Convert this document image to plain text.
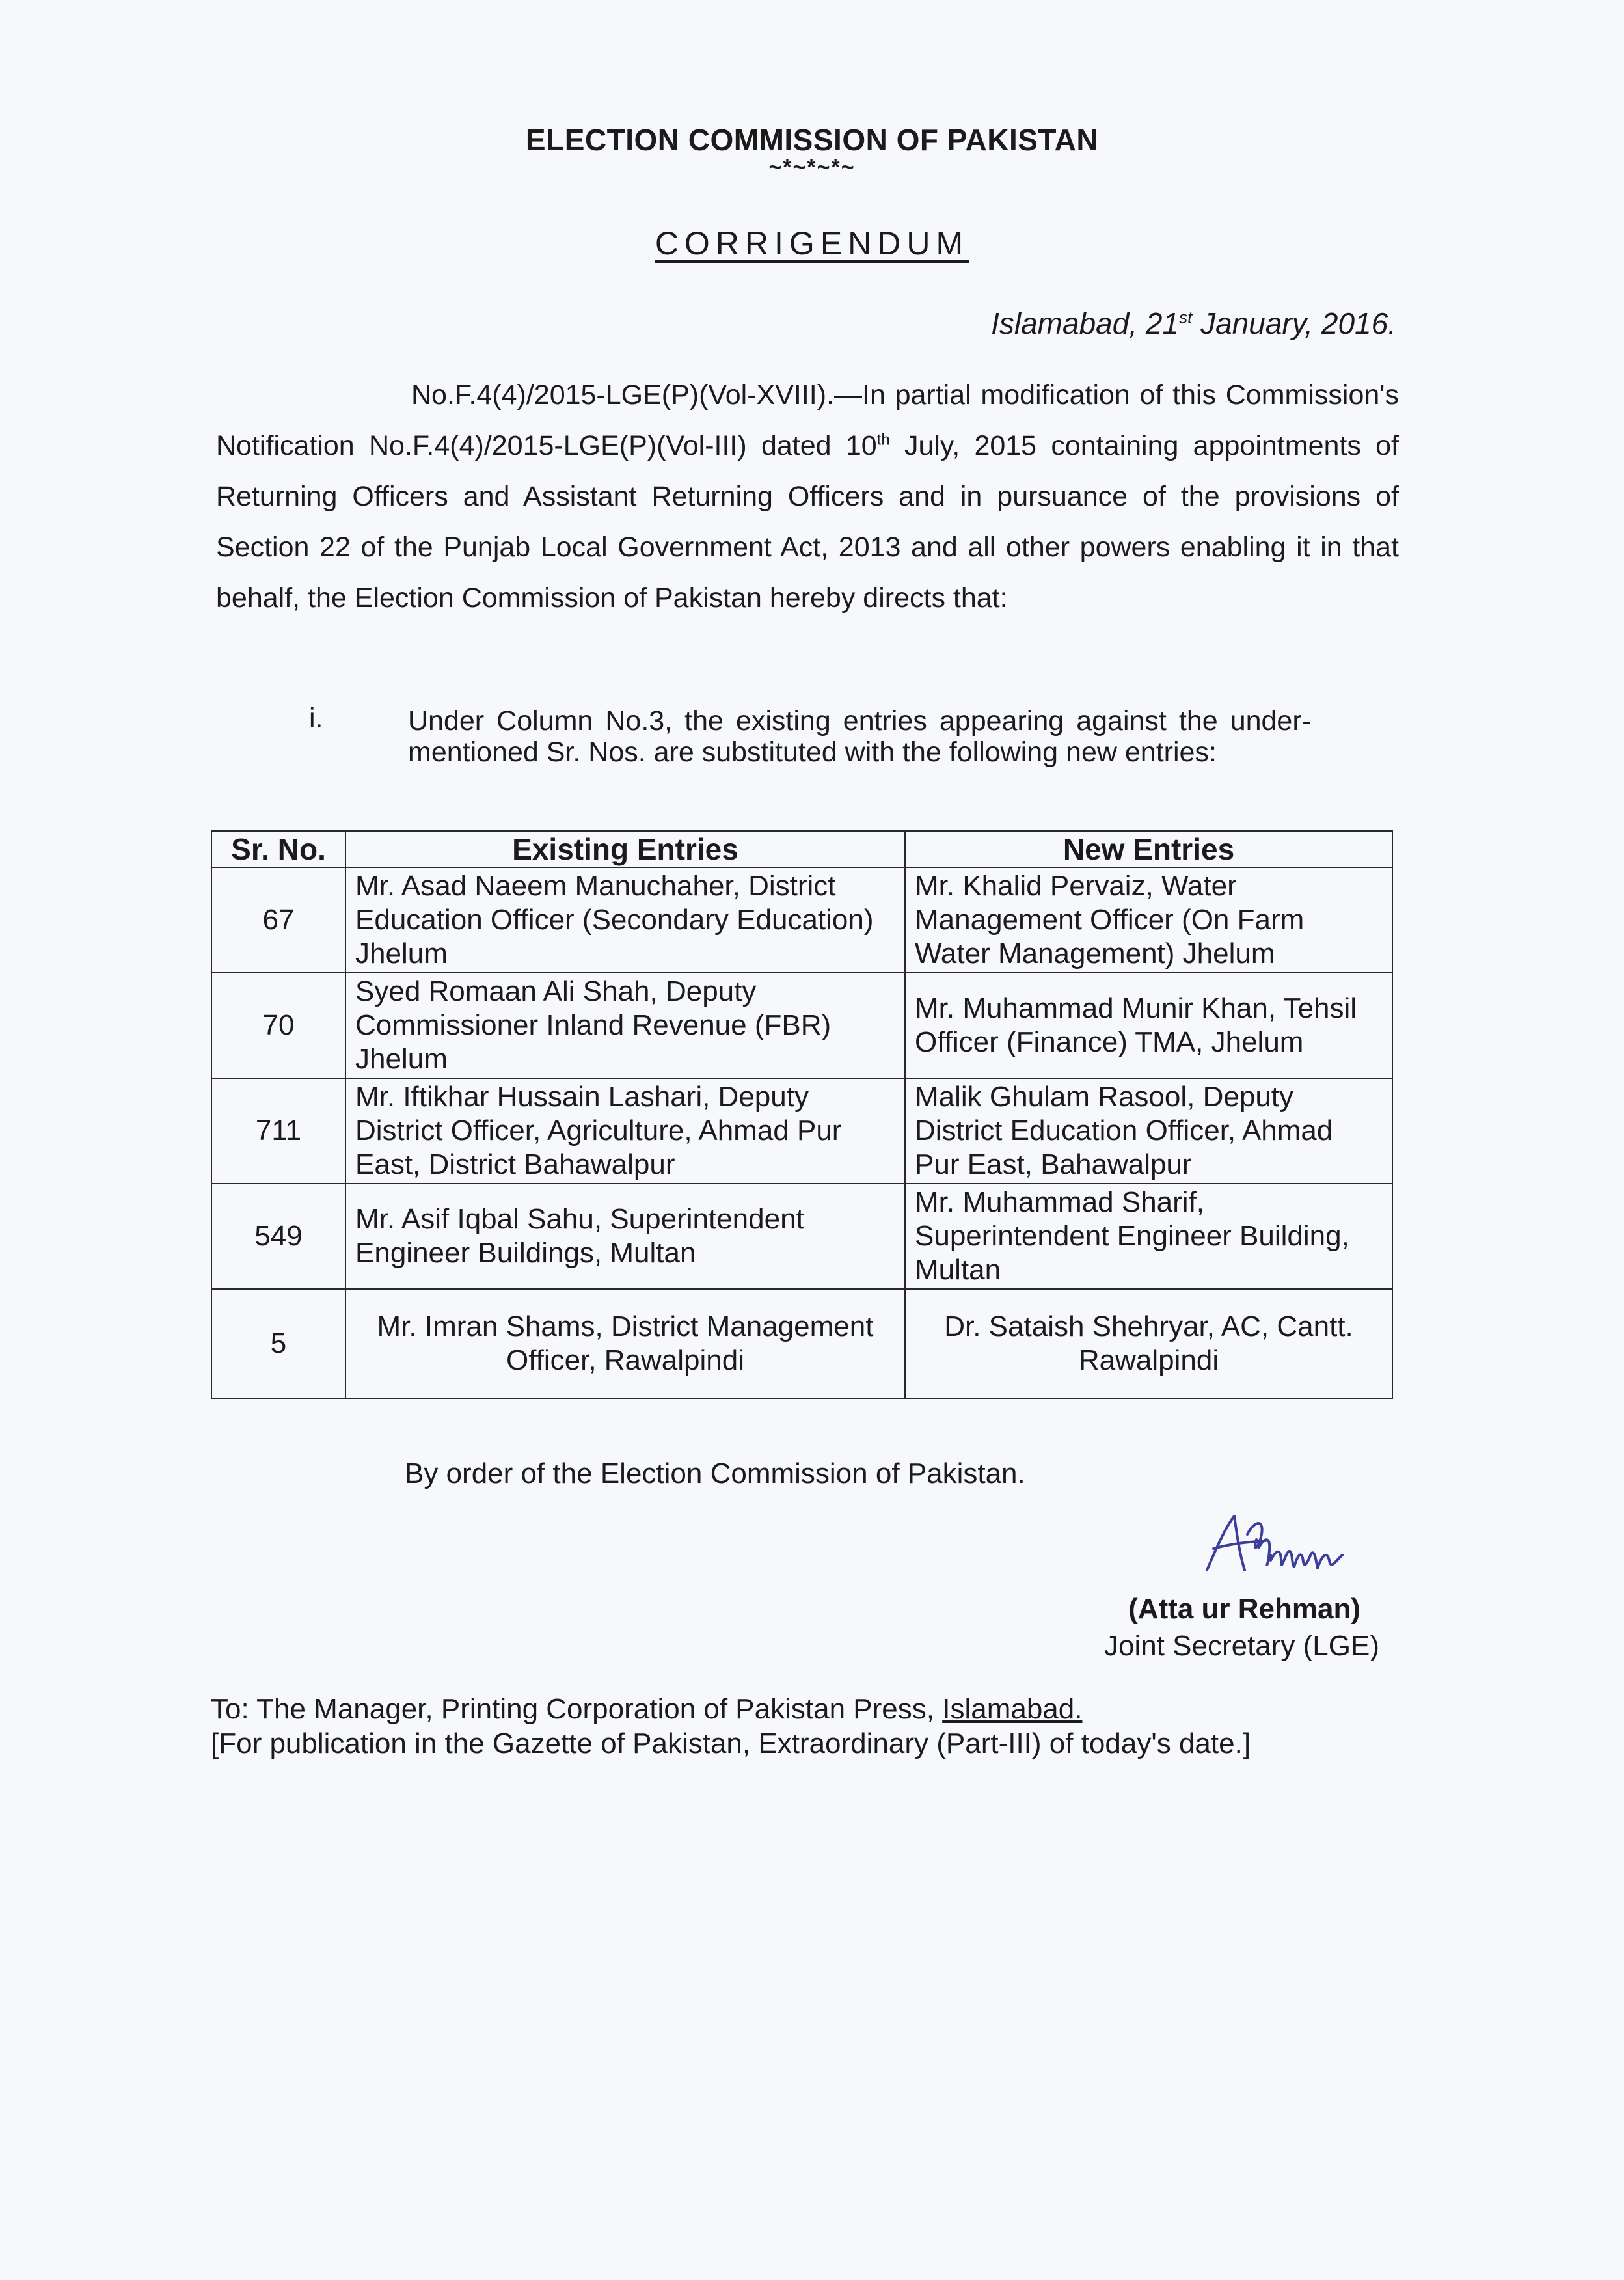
ELECTION COMMISSION OF PAKISTAN
~*~*~*~
CORRIGENDUM
Islamabad, 21st January, 2016.
No.F.4(4)/2015-LGE(P)(Vol-XVIII).—In partial modification of this Commission's Notification No.F.4(4)/2015-LGE(P)(Vol-III) dated 10th July, 2015 containing appointments of Returning Officers and Assistant Returning Officers and in pursuance of the provisions of Section 22 of the Punjab Local Government Act, 2013 and all other powers enabling it in that behalf, the Election Commission of Pakistan hereby directs that:
i.	Under Column No.3, the existing entries appearing against the under-mentioned Sr. Nos. are substituted with the following new entries:
Sr. No.	Existing Entries	New Entries
67	Mr. Asad Naeem Manuchaher, District Education Officer (Secondary Education) Jhelum	Mr. Khalid Pervaiz, Water Management Officer (On Farm Water Management) Jhelum
70	Syed Romaan Ali Shah, Deputy Commissioner Inland Revenue (FBR) Jhelum	Mr. Muhammad Munir Khan, Tehsil Officer (Finance) TMA, Jhelum
711	Mr. Iftikhar Hussain Lashari, Deputy District Officer, Agriculture, Ahmad Pur East, District Bahawalpur	Malik Ghulam Rasool, Deputy District Education Officer, Ahmad Pur East, Bahawalpur
549	Mr. Asif Iqbal Sahu, Superintendent Engineer Buildings, Multan	Mr. Muhammad Sharif, Superintendent Engineer Building, Multan
5	Mr. Imran Shams, District Management Officer, Rawalpindi	Dr. Sataish Shehryar, AC, Cantt. Rawalpindi
By order of the Election Commission of Pakistan.
(Atta ur Rehman)
Joint Secretary (LGE)
To: The Manager, Printing Corporation of Pakistan Press, Islamabad.
[For publication in the Gazette of Pakistan, Extraordinary (Part-III) of today's date.]
